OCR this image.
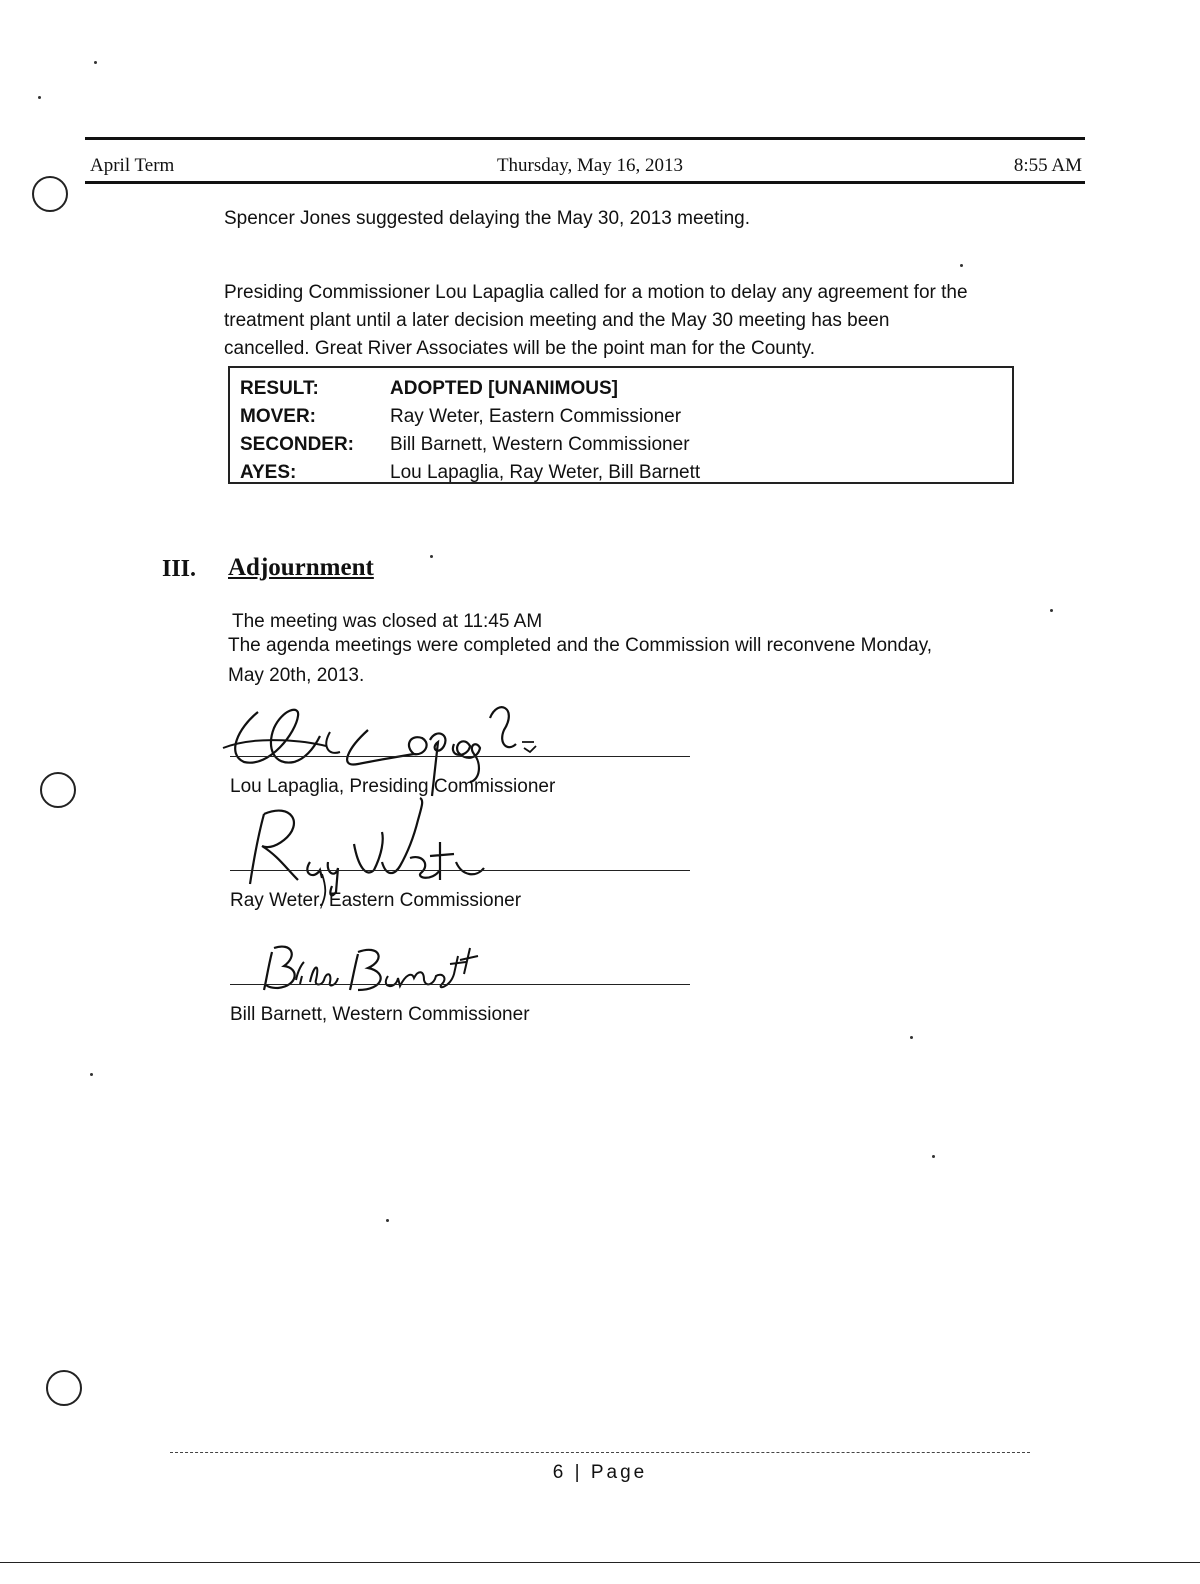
April Term	Thursday, May 16, 2013	8:55 AM
Spencer Jones suggested delaying the May 30, 2013 meeting.
Presiding Commissioner Lou Lapaglia called for a motion to delay any agreement for the
treatment plant until a later decision meeting and the May 30 meeting has been
cancelled. Great River Associates will be the point man for the County.
RESULT:	ADOPTED [UNANIMOUS]
MOVER:	Ray Weter, Eastern Commissioner
SECONDER:	Bill Barnett, Western Commissioner
AYES:	Lou Lapaglia, Ray Weter, Bill Barnett
III. Adjournment
The meeting was closed at 11:45 AM
The agenda meetings were completed and the Commission will reconvene Monday,
May 20th, 2013.
Lou Lapaglia, Presiding Commissioner
Ray Weter, Eastern Commissioner
Bill Barnett, Western Commissioner
6 | Page
